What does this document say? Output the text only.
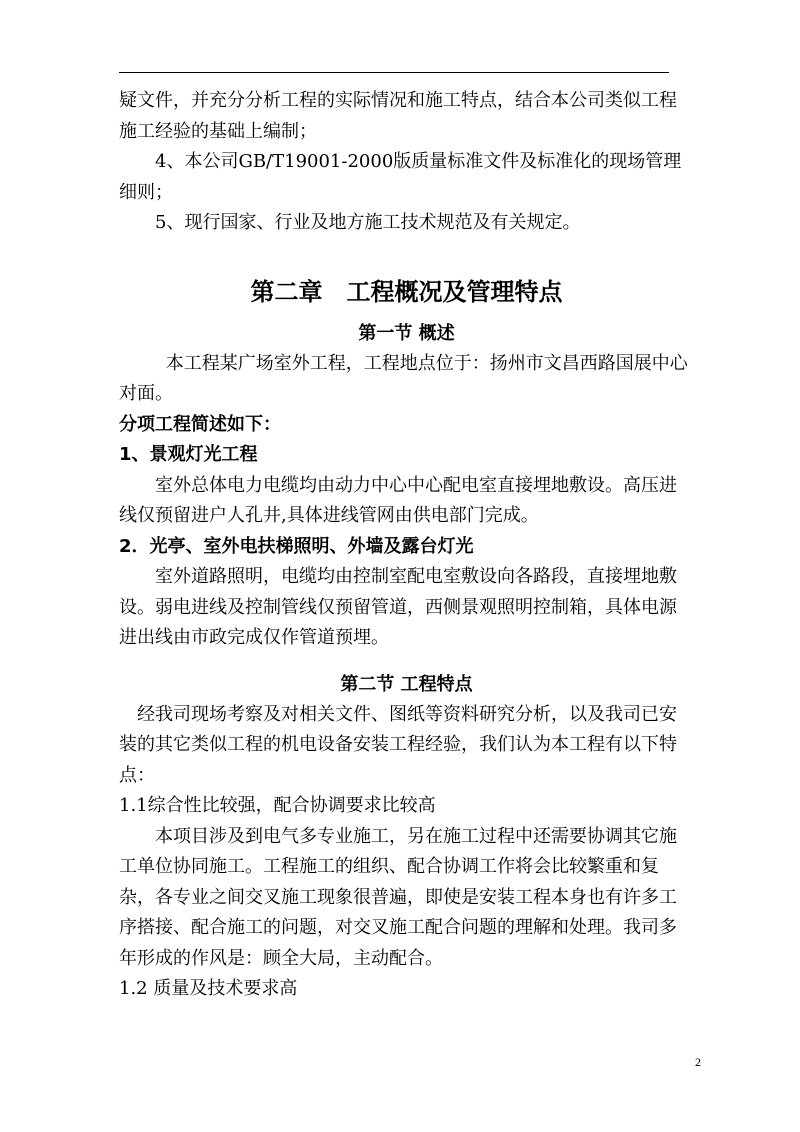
疑文件，并充分分析工程的实际情况和施工特点，结合本公司类似工程施工经验的基础上编制；

4、本公司GB/T19001-2000版质量标准文件及标准化的现场管理细则；

5、现行国家、行业及地方施工技术规范及有关规定。

第二章　工程概况及管理特点
第一节 概述

本工程某广场室外工程，工程地点位于：扬州市文昌西路国展中心对面。

分项工程简述如下：

1、景观灯光工程

室外总体电力电缆均由动力中心中心配电室直接埋地敷设。高压进线仅预留进户人孔井,具体进线管网由供电部门完成。

2．光亭、室外电扶梯照明、外墙及露台灯光

室外道路照明，电缆均由控制室配电室敷设向各路段，直接埋地敷设。弱电进线及控制管线仅预留管道，西侧景观照明控制箱，具体电源进出线由市政完成仅作管道预埋。

第二节 工程特点

经我司现场考察及对相关文件、图纸等资料研究分析，以及我司已安装的其它类似工程的机电设备安装工程经验，我们认为本工程有以下特点：

1.1综合性比较强，配合协调要求比较高

本项目涉及到电气多专业施工，另在施工过程中还需要协调其它施工单位协同施工。工程施工的组织、配合协调工作将会比较繁重和复杂，各专业之间交叉施工现象很普遍，即使是安装工程本身也有许多工序搭接、配合施工的问题，对交叉施工配合问题的理解和处理。我司多年形成的作风是：顾全大局，主动配合。

1.2 质量及技术要求高

2
